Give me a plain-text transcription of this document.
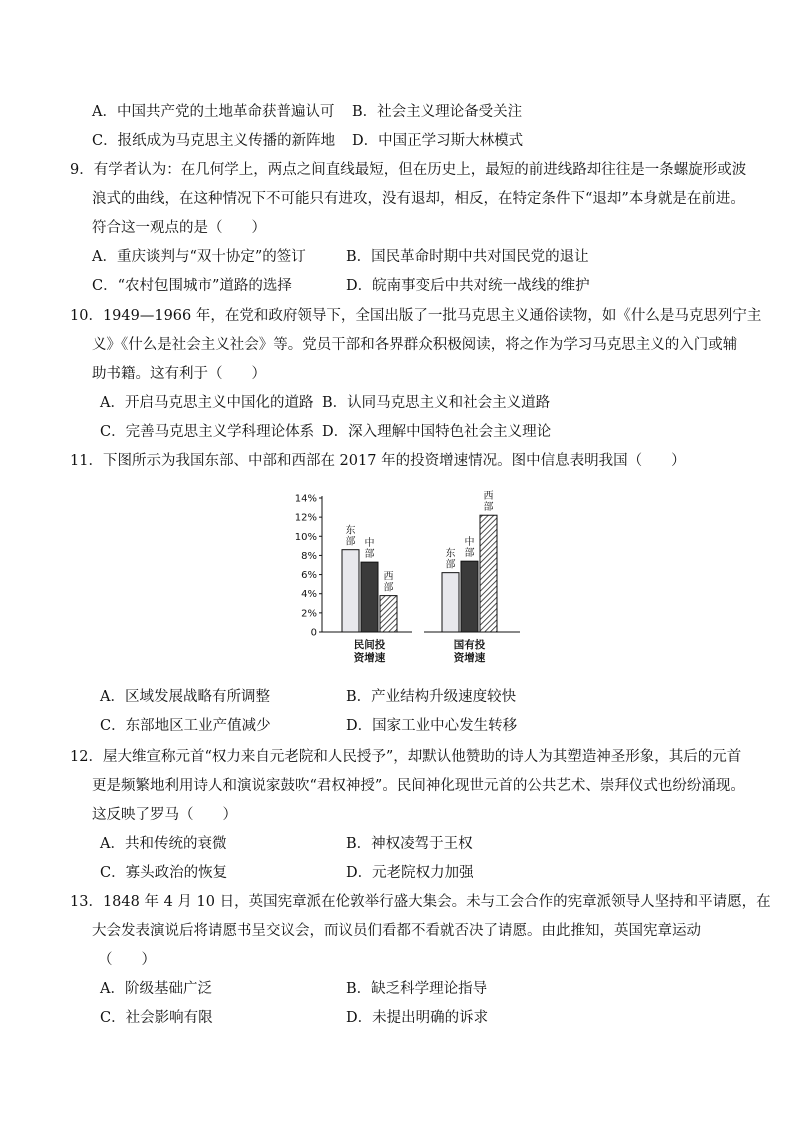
A．中国共产党的土地革命获普遍认可 B．社会主义理论备受关注
C．报纸成为马克思主义传播的新阵地 D．中国正学习斯大林模式
9．有学者认为：在几何学上，两点之间直线最短，但在历史上，最短的前进线路却往往是一条螺旋形或波
浪式的曲线，在这种情况下不可能只有进攻，没有退却，相反，在特定条件下“退却”本身就是在前进。
符合这一观点的是（　　）
A．重庆谈判与“双十协定”的签订	B．国民革命时期中共对国民党的退让
C．“农村包围城市”道路的选择	D．皖南事变后中共对统一战线的维护
10．1949—1966 年，在党和政府领导下，全国出版了一批马克思主义通俗读物，如《什么是马克思列宁主
义》《什么是社会主义社会》等。党员干部和各界群众积极阅读，将之作为学习马克思主义的入门或辅
助书籍。这有利于（　　）
A．开启马克思主义中国化的道路 B．认同马克思主义和社会主义道路
C．完善马克思主义学科理论体系 D．深入理解中国特色社会主义理论
11．下图所示为我国东部、中部和西部在 2017 年的投资增速情况。图中信息表明我国（　　）
14%
12%
10%
8%
6%
4%
2%
0
东
部
东
部
中
部
中
部
西
部
西
部
民间投
资增速
国有投
资增速
A．区域发展战略有所调整	B．产业结构升级速度较快
C．东部地区工业产值减少	D．国家工业中心发生转移
12．屋大维宣称元首“权力来自元老院和人民授予”，却默认他赞助的诗人为其塑造神圣形象，其后的元首
更是频繁地利用诗人和演说家鼓吹“君权神授”。民间神化现世元首的公共艺术、崇拜仪式也纷纷涌现。
这反映了罗马（　　）
A．共和传统的衰微	B．神权凌驾于王权
C．寡头政治的恢复	D．元老院权力加强
13．1848 年 4 月 10 日，英国宪章派在伦敦举行盛大集会。未与工会合作的宪章派领导人坚持和平请愿，在
大会发表演说后将请愿书呈交议会，而议员们看都不看就否决了请愿。由此推知，英国宪章运动
（　　）
A．阶级基础广泛	B．缺乏科学理论指导
C．社会影响有限	D．未提出明确的诉求
